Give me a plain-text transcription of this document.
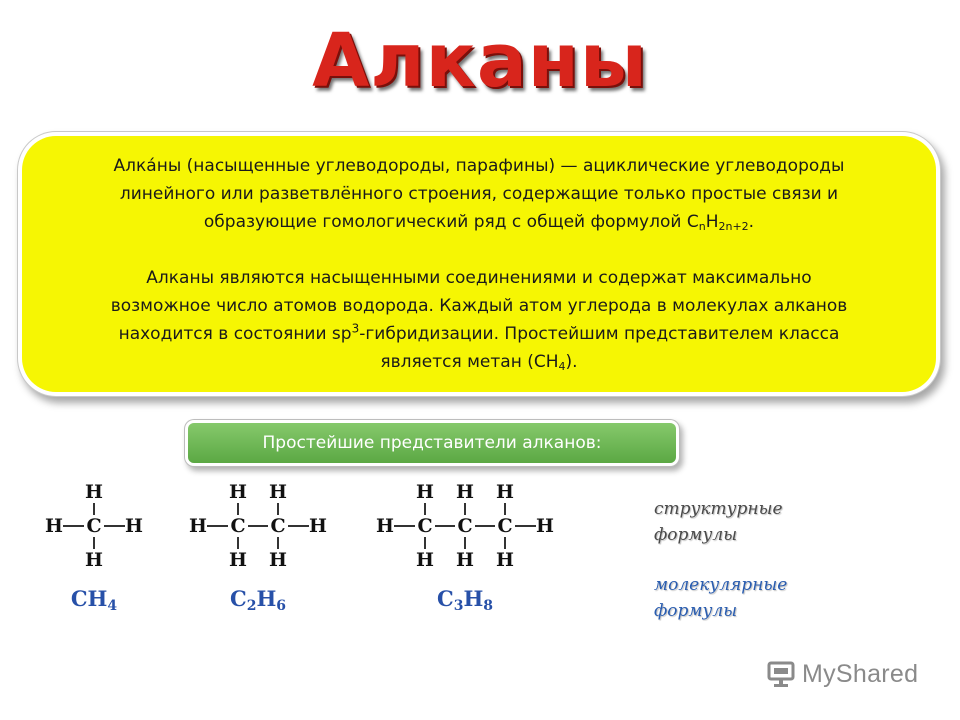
Алканы

Алка́ны (насыщенные углеводороды, парафины) — ациклические углеводороды
линейного или разветвлённого строения, содержащие только простые связи и
образующие гомологический ряд с общей формулой $C_nH_{2n+2}$.

Алканы являются насыщенными соединениями и содержат максимально
возможное число атомов водорода. Каждый атом углерода в молекулах алканов
находится в состоянии $sp^3$-гибридизации. Простейшим представителем класса
является метан $(CH_4)$.

Простейшие представители алканов:
H C
H
H
H
CH4
H C
H
H
C
H
H
H
C2H6
H C
H
H
C
H
H
C
H
H
H
C3H8
структурные
формулы
молекулярные
формулы
MyShared
